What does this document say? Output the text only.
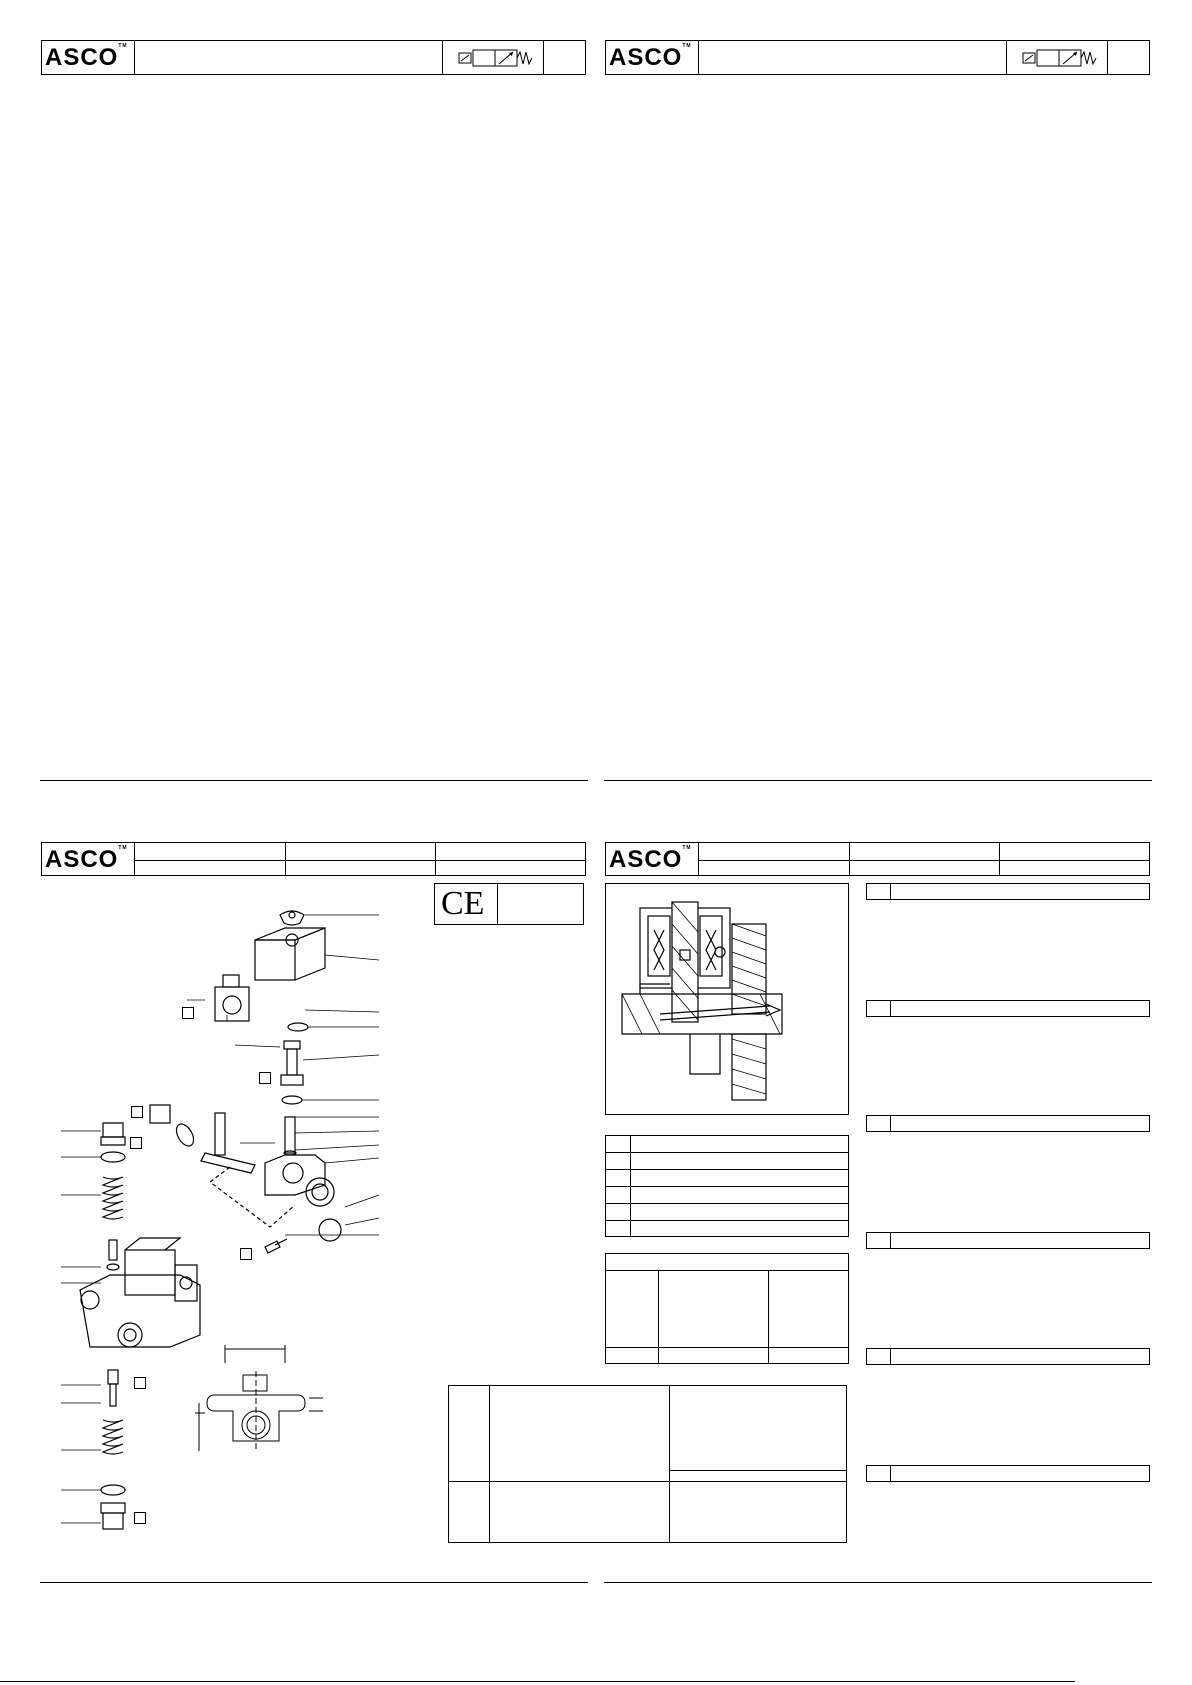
ASCO™	ASCO™
ASCO™	ASCO™
CE
